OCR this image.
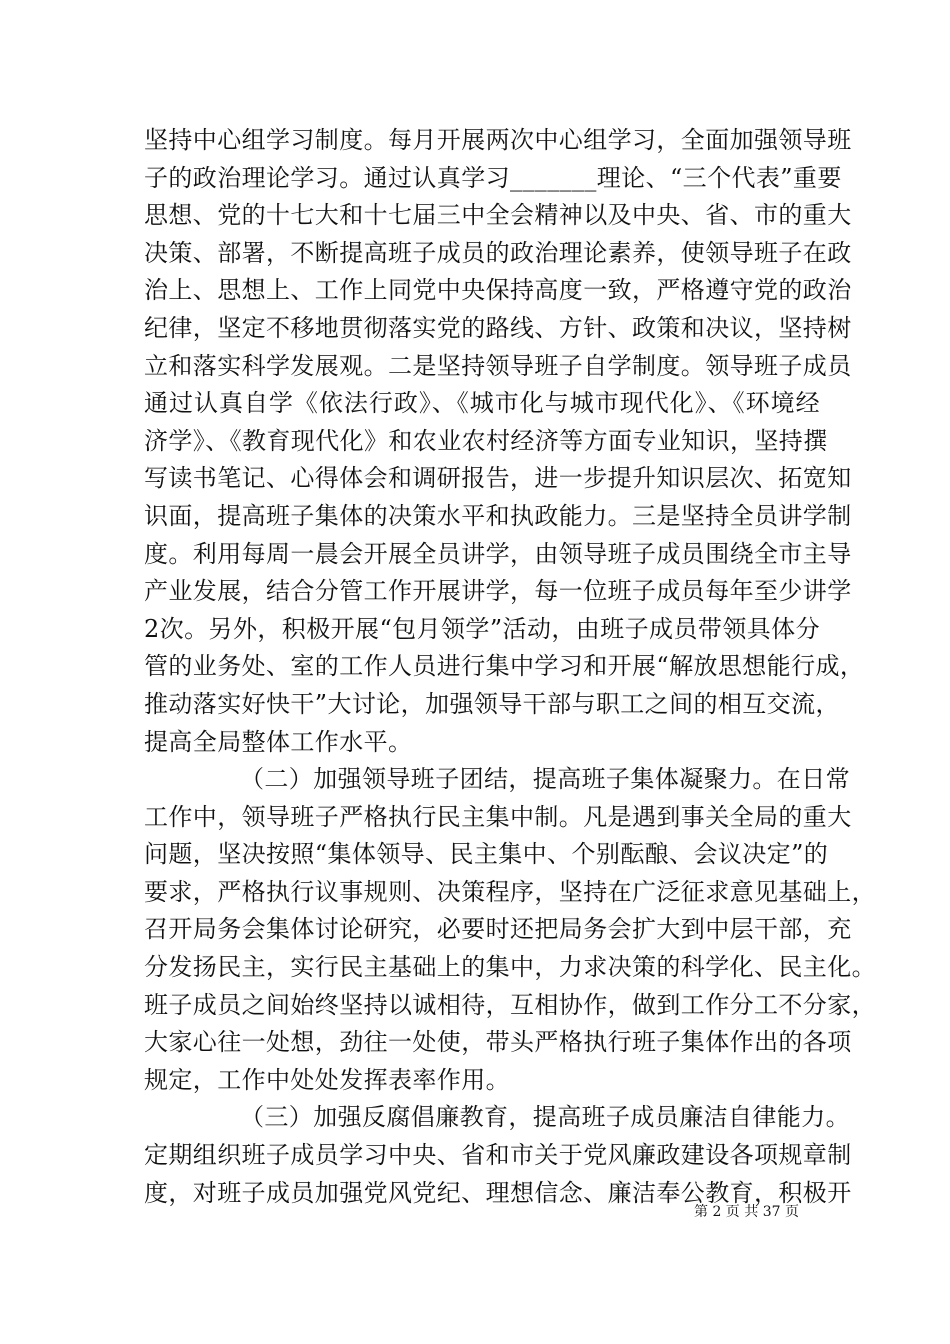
坚持中心组学习制度。每月开展两次中心组学习，全面加强领导班
子的政治理论学习。通过认真学习_______理论、“三个代表”重要
思想、党的十七大和十七届三中全会精神以及中央、省、市的重大
决策、部署，不断提高班子成员的政治理论素养，使领导班子在政
治上、思想上、工作上同党中央保持高度一致，严格遵守党的政治
纪律，坚定不移地贯彻落实党的路线、方针、政策和决议，坚持树
立和落实科学发展观。二是坚持领导班子自学制度。领导班子成员
通过认真自学《依法行政》、《城市化与城市现代化》、《环境经
济学》、《教育现代化》和农业农村经济等方面专业知识，坚持撰
写读书笔记、心得体会和调研报告，进一步提升知识层次、拓宽知
识面，提高班子集体的决策水平和执政能力。三是坚持全员讲学制
度。利用每周一晨会开展全员讲学，由领导班子成员围绕全市主导
产业发展，结合分管工作开展讲学，每一位班子成员每年至少讲学
2次。另外，积极开展“包月领学”活动，由班子成员带领具体分
管的业务处、室的工作人员进行集中学习和开展“解放思想能行成，
推动落实好快干”大讨论，加强领导干部与职工之间的相互交流，
提高全局整体工作水平。
（二）加强领导班子团结，提高班子集体凝聚力。在日常
工作中，领导班子严格执行民主集中制。凡是遇到事关全局的重大
问题，坚决按照“集体领导、民主集中、个别酝酿、会议决定”的
要求，严格执行议事规则、决策程序，坚持在广泛征求意见基础上，
召开局务会集体讨论研究，必要时还把局务会扩大到中层干部，充
分发扬民主，实行民主基础上的集中，力求决策的科学化、民主化。
班子成员之间始终坚持以诚相待，互相协作，做到工作分工不分家，
大家心往一处想，劲往一处使，带头严格执行班子集体作出的各项
规定，工作中处处发挥表率作用。
（三）加强反腐倡廉教育，提高班子成员廉洁自律能力。
定期组织班子成员学习中央、省和市关于党风廉政建设各项规章制
度，对班子成员加强党风党纪、理想信念、廉洁奉公教育，积极开
第 2 页 共 37 页
